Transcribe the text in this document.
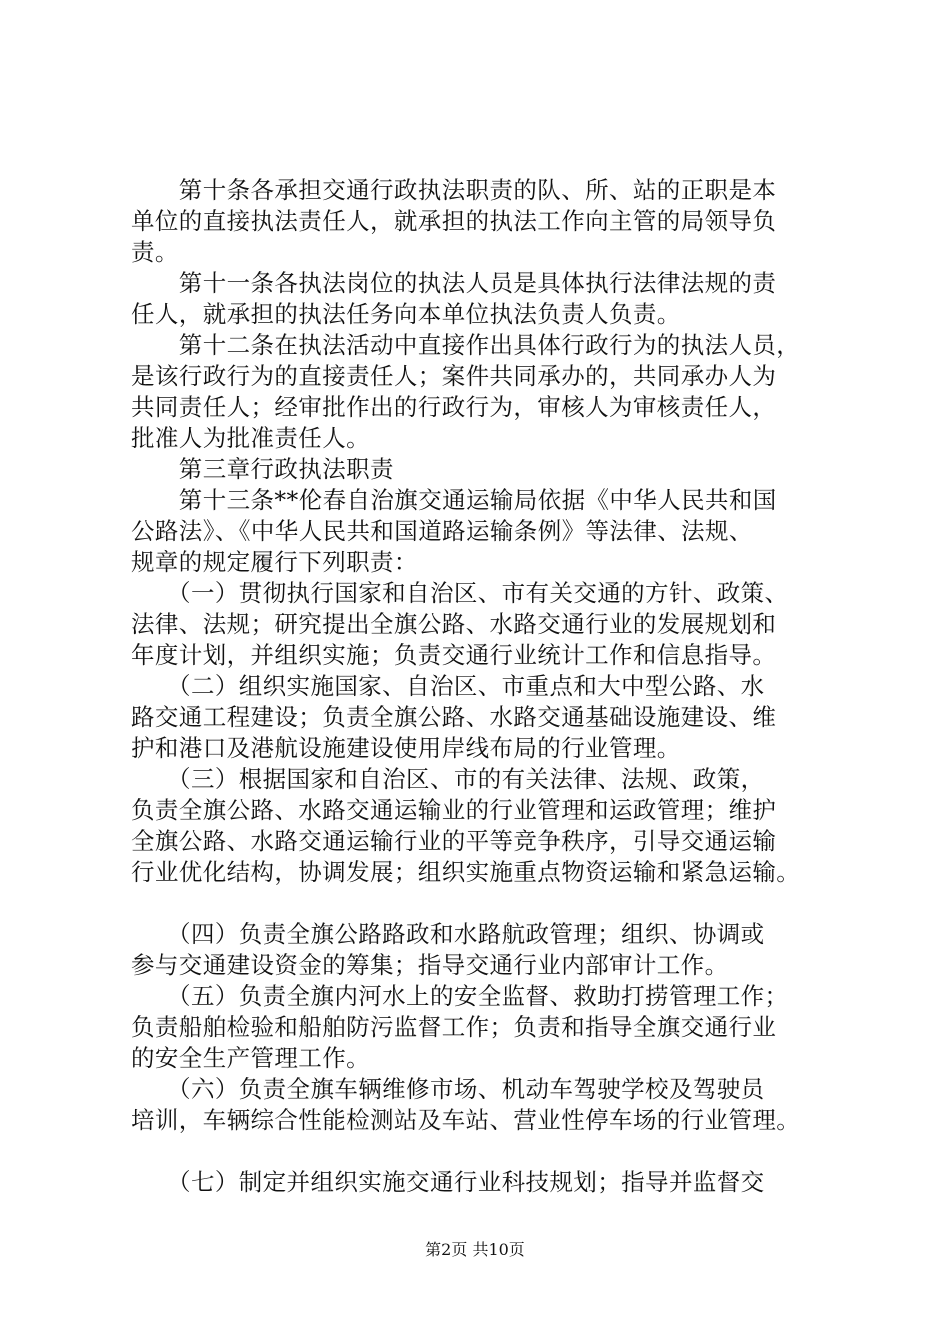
　　第十条各承担交通行政执法职责的队、所、站的正职是本
单位的直接执法责任人，就承担的执法工作向主管的局领导负
责。
　　第十一条各执法岗位的执法人员是具体执行法律法规的责
任人，就承担的执法任务向本单位执法负责人负责。
　　第十二条在执法活动中直接作出具体行政行为的执法人员，
是该行政行为的直接责任人；案件共同承办的，共同承办人为
共同责任人；经审批作出的行政行为，审核人为审核责任人，
批准人为批准责任人。
　　第三章行政执法职责
　　第十三条**伦春自治旗交通运输局依据《中华人民共和国
公路法》、《中华人民共和国道路运输条例》等法律、法规、
规章的规定履行下列职责：
　　（一）贯彻执行国家和自治区、市有关交通的方针、政策、
法律、法规；研究提出全旗公路、水路交通行业的发展规划和
年度计划，并组织实施；负责交通行业统计工作和信息指导。
　　（二）组织实施国家、自治区、市重点和大中型公路、水
路交通工程建设；负责全旗公路、水路交通基础设施建设、维
护和港口及港航设施建设使用岸线布局的行业管理。
　　（三）根据国家和自治区、市的有关法律、法规、政策，
负责全旗公路、水路交通运输业的行业管理和运政管理；维护
全旗公路、水路交通运输行业的平等竞争秩序，引导交通运输
行业优化结构，协调发展；组织实施重点物资运输和紧急运输。
　　（四）负责全旗公路路政和水路航政管理；组织、协调或
参与交通建设资金的筹集；指导交通行业内部审计工作。
　　（五）负责全旗内河水上的安全监督、救助打捞管理工作；
负责船舶检验和船舶防污监督工作；负责和指导全旗交通行业
的安全生产管理工作。
　　（六）负责全旗车辆维修市场、机动车驾驶学校及驾驶员
培训，车辆综合性能检测站及车站、营业性停车场的行业管理。
　　（七）制定并组织实施交通行业科技规划；指导并监督交
第2页 共10页
